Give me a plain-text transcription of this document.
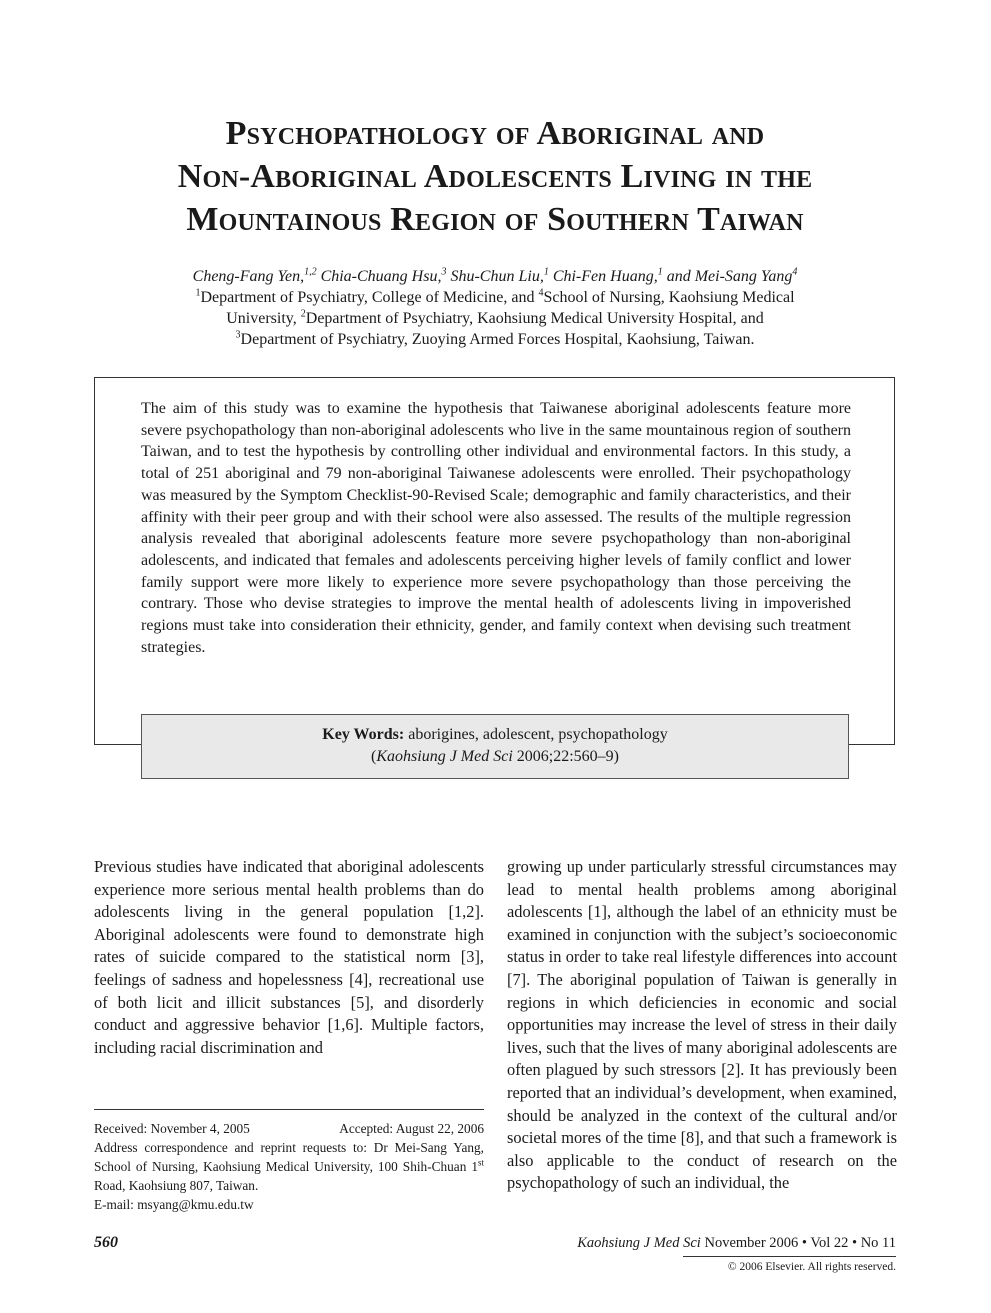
Psychopathology of Aboriginal and
Non-Aboriginal Adolescents Living in the
Mountainous Region of Southern Taiwan
Cheng-Fang Yen,$^{1,2}$ Chia-Chuang Hsu,$^3$ Shu-Chun Liu,$^1$ Chi-Fen Huang,$^1$ and Mei-Sang Yang$^4$
$^1$Department of Psychiatry, College of Medicine, and $^4$School of Nursing, Kaohsiung Medical
University, $^2$Department of Psychiatry, Kaohsiung Medical University Hospital, and
$^3$Department of Psychiatry, Zuoying Armed Forces Hospital, Kaohsiung, Taiwan.

The aim of this study was to examine the hypothesis that Taiwanese aboriginal adolescents feature more severe psychopathology than non-aboriginal adolescents who live in the same mountainous region of southern Taiwan, and to test the hypothesis by controlling other individual and environmental factors. In this study, a total of 251 aboriginal and 79 non-aboriginal Taiwanese adolescents were enrolled. Their psychopathology was measured by the Symptom Checklist-90-Revised Scale; demographic and family characteristics, and their affinity with their peer group and with their school were also assessed. The results of the multiple regression analysis revealed that aboriginal adolescents feature more severe psychopathology than non-aboriginal adolescents, and indicated that females and adolescents perceiving higher levels of family conflict and lower family support were more likely to experience more severe psychopathology than those perceiving the contrary. Those who devise strategies to improve the mental health of adolescents living in impoverished regions must take into consideration their ethnicity, gender, and family context when devising such treatment strategies.

Key Words: aborigines, adolescent, psychopathology
(Kaohsiung J Med Sci 2006;22:560–9)

Previous studies have indicated that aboriginal adolescents experience more serious mental health problems than do adolescents living in the general population [1,2]. Aboriginal adolescents were found to demonstrate high rates of suicide compared to the statistical norm [3], feelings of sadness and hopelessness [4], recreational use of both licit and illicit substances [5], and disorderly conduct and aggressive behavior [1,6]. Multiple factors, including racial discrimination and

growing up under particularly stressful circumstances may lead to mental health problems among aboriginal adolescents [1], although the label of an ethnicity must be examined in conjunction with the subject’s socioeconomic status in order to take real lifestyle differences into account [7]. The aboriginal population of Taiwan is generally in regions in which deficiencies in economic and social opportunities may increase the level of stress in their daily lives, such that the lives of many aboriginal adolescents are often plagued by such stressors [2]. It has previously been reported that an individual’s development, when examined, should be analyzed in the context of the cultural and/or societal mores of the time [8], and that such a framework is also applicable to the conduct of research on the psychopathology of such an individual, the

Received: November 4, 2005	Accepted: August 22, 2006
Address correspondence and reprint requests to: Dr Mei-Sang Yang, School of Nursing, Kaohsiung Medical University, 100 Shih-Chuan 1st Road, Kaohsiung 807, Taiwan.
E-mail: msyang@kmu.edu.tw
560	Kaohsiung J Med Sci November 2006 • Vol 22 • No 11
© 2006 Elsevier. All rights reserved.
